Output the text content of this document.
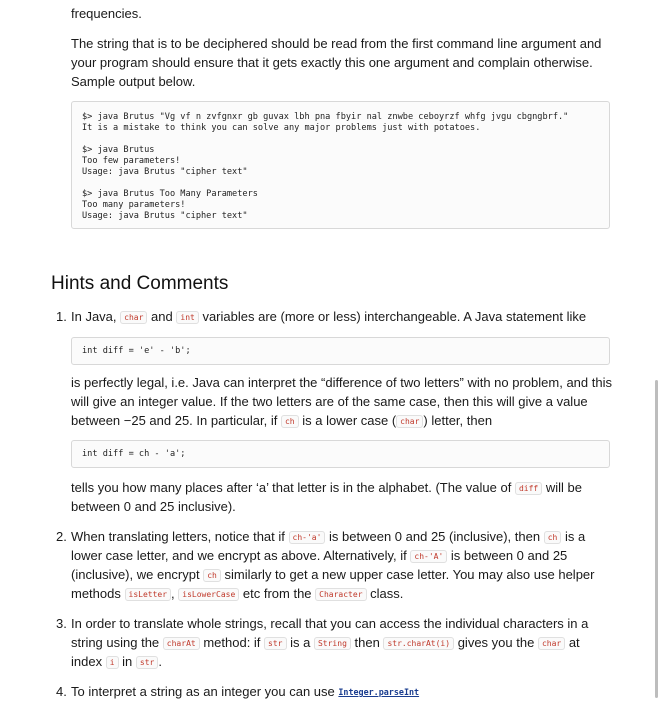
frequencies.

The string that is to be deciphered should be read from the first command line argument and

your program should ensure that it gets exactly this one argument and complain otherwise.

Sample output below.

$> java Brutus "Vg vf n zvfgnxr gb guvax lbh pna fbyir nal znwbe ceboyrzf whfg jvgu cbgngbrf."
It is a mistake to think you can solve any major problems just with potatoes.
$> java Brutus
Too few parameters!
Usage: java Brutus "cipher text"
$> java Brutus Too Many Parameters
Too many parameters!
Usage: java Brutus "cipher text"
Hints and Comments
1. In Java, char and int variables are (more or less) interchangeable. A Java statement like
int diff = 'e' - 'b';
is perfectly legal, i.e. Java can interpret the “difference of two letters” with no problem, and this
will give an integer value. If the two letters are of the same case, then this will give a value
between −25 and 25. In particular, if ch is a lower case ( char ) letter, then
int diff = ch - 'a';
tells you how many places after ‘a’ that letter is in the alphabet. (The value of diff will be
between 0 and 25 inclusive).
2. When translating letters, notice that if ch-'a' is between 0 and 25 (inclusive), then ch is a
lower case letter, and we encrypt as above. Alternatively, if ch-'A' is between 0 and 25
(inclusive), we encrypt ch similarly to get a new upper case letter. You may also use helper
methods isLetter , isLowerCase etc from the Character class.
3. In order to translate whole strings, recall that you can access the individual characters in a
string using the charAt method: if str is a String then str.charAt(i) gives you the char at
index i in str .
4. To interpret a string as an integer you can use Integer.parseInt
